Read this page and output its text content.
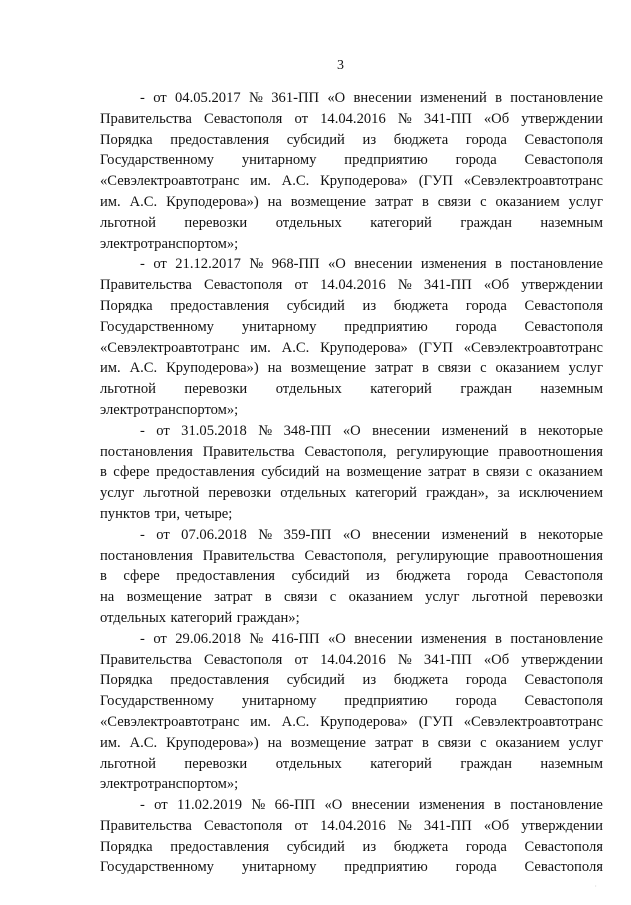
3
- от 04.05.2017 № 361-ПП «О внесении изменений в постановление
Правительства Севастополя от 14.04.2016 № 341-ПП «Об утверждении
Порядка предоставления субсидий из бюджета города Севастополя
Государственному унитарному предприятию города Севастополя
«Севэлектроавтотранс им. А.С. Круподерова» (ГУП «Севэлектроавтотранс
им. А.С. Круподерова») на возмещение затрат в связи с оказанием услуг
льготной перевозки отдельных категорий граждан наземным
электротранспортом»;
- от 21.12.2017 № 968-ПП «О внесении изменения в постановление
Правительства Севастополя от 14.04.2016 № 341-ПП «Об утверждении
Порядка предоставления субсидий из бюджета города Севастополя
Государственному унитарному предприятию города Севастополя
«Севэлектроавтотранс им. А.С. Круподерова» (ГУП «Севэлектроавтотранс
им. А.С. Круподерова») на возмещение затрат в связи с оказанием услуг
льготной перевозки отдельных категорий граждан наземным
электротранспортом»;
- от 31.05.2018 № 348-ПП «О внесении изменений в некоторые
постановления Правительства Севастополя, регулирующие правоотношения
в сфере предоставления субсидий на возмещение затрат в связи с оказанием
услуг льготной перевозки отдельных категорий граждан», за исключением
пунктов три, четыре;
- от 07.06.2018 № 359-ПП «О внесении изменений в некоторые
постановления Правительства Севастополя, регулирующие правоотношения
в сфере предоставления субсидий из бюджета города Севастополя
на возмещение затрат в связи с оказанием услуг льготной перевозки
отдельных категорий граждан»;
- от 29.06.2018 № 416-ПП «О внесении изменения в постановление
Правительства Севастополя от 14.04.2016 № 341-ПП «Об утверждении
Порядка предоставления субсидий из бюджета города Севастополя
Государственному унитарному предприятию города Севастополя
«Севэлектроавтотранс им. А.С. Круподерова» (ГУП «Севэлектроавтотранс
им. А.С. Круподерова») на возмещение затрат в связи с оказанием услуг
льготной перевозки отдельных категорий граждан наземным
электротранспортом»;
- от 11.02.2019 № 66-ПП «О внесении изменения в постановление
Правительства Севастополя от 14.04.2016 № 341-ПП «Об утверждении
Порядка предоставления субсидий из бюджета города Севастополя
Государственному унитарному предприятию города Севастополя
·
